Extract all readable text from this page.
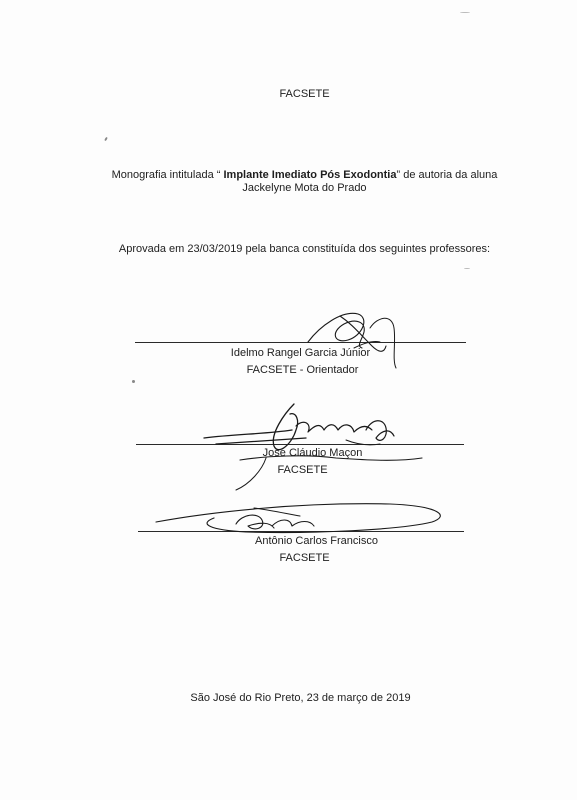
FACSETE
Monografia intitulada “ Implante Imediato Pós Exodontia” de autoria da aluna
Jackelyne Mota do Prado
Aprovada em 23/03/2019 pela banca constituída dos seguintes professores:
Idelmo Rangel Garcia Júnior
FACSETE - Orientador
José Cláudio Maçon
FACSETE
Antônio Carlos Francisco
FACSETE
São José do Rio Preto, 23 de março de 2019
